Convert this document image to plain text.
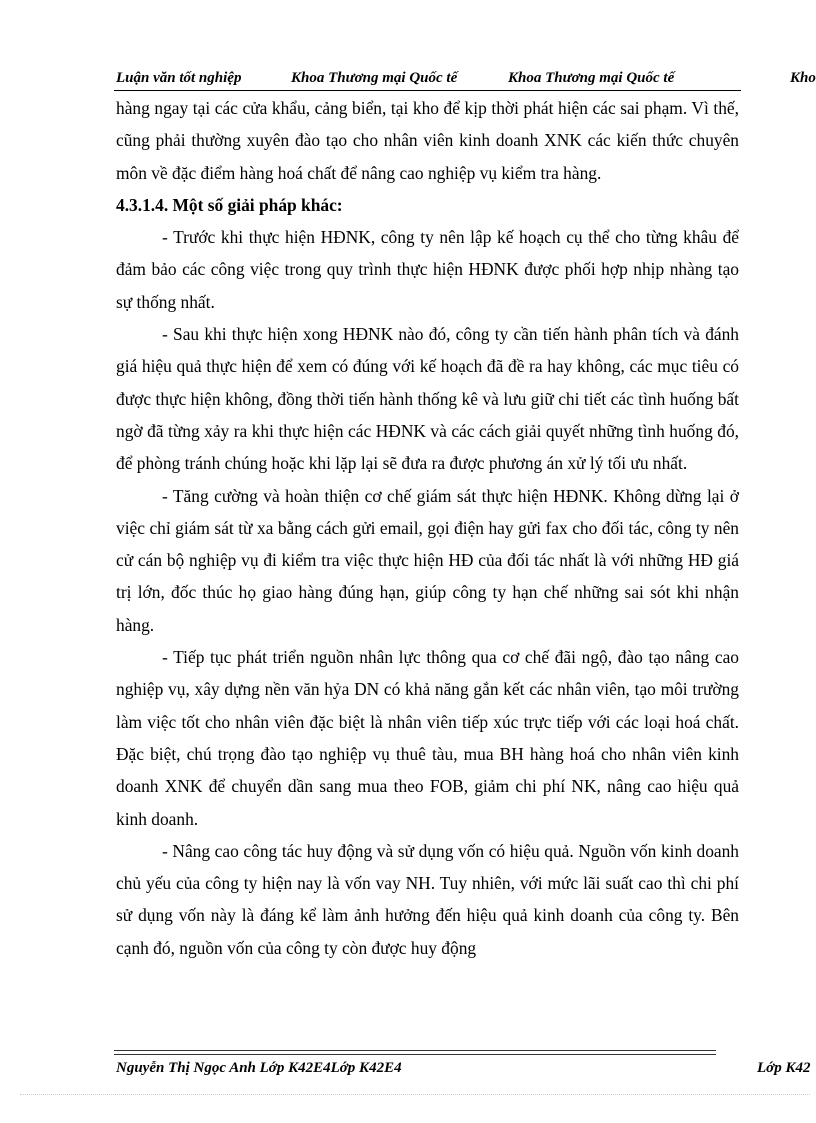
Luận văn tốt nghiệp	Khoa Thương mại Quốc tế	Khoa Thương mại Quốc tế	Kho

hàng ngay tại các cửa khẩu, cảng biển, tại kho để kịp thời phát hiện các sai phạm. Vì thế, cũng phải thường xuyên đào tạo cho nhân viên kinh doanh XNK các kiến thức chuyên môn về đặc điểm hàng hoá chất để nâng cao nghiệp vụ kiểm tra hàng.

4.3.1.4. Một số giải pháp khác:

- Trước khi thực hiện HĐNK, công ty nên lập kế hoạch cụ thể cho từng khâu để đảm bảo các công việc trong quy trình thực hiện HĐNK được phối hợp nhịp nhàng tạo sự thống nhất.

- Sau khi thực hiện xong HĐNK nào đó, công ty cần tiến hành phân tích và đánh giá hiệu quả thực hiện để xem có đúng với kế hoạch đã đề ra hay không, các mục tiêu có được thực hiện không, đồng thời tiến hành thống kê và lưu giữ chi tiết các tình huống bất ngờ đã từng xảy ra khi thực hiện các HĐNK và các cách giải quyết những tình huống đó, để phòng tránh chúng hoặc khi lặp lại sẽ đưa ra được phương án xử lý tối ưu nhất.

- Tăng cường và hoàn thiện cơ chế giám sát thực hiện HĐNK. Không dừng lại ở việc chỉ giám sát từ xa bằng cách gửi email, gọi điện hay gửi fax cho đối tác, công ty nên cử cán bộ nghiệp vụ đi kiểm tra việc thực hiện HĐ của đối tác nhất là với những HĐ giá trị lớn, đốc thúc họ giao hàng đúng hạn, giúp công ty hạn chế những sai sót khi nhận hàng.

- Tiếp tục phát triển nguồn nhân lực thông qua cơ chế đãi ngộ, đào tạo nâng cao nghiệp vụ, xây dựng nền văn hỷa DN có khả năng gắn kết các nhân viên, tạo môi trường làm việc tốt cho nhân viên đặc biệt là nhân viên tiếp xúc trực tiếp với các loại hoá chất. Đặc biệt, chú trọng đào tạo nghiệp vụ thuê tàu, mua BH hàng hoá cho nhân viên kinh doanh XNK để chuyển dần sang mua theo FOB, giảm chi phí NK, nâng cao hiệu quả kinh doanh.

- Nâng cao công tác huy động và sử dụng vốn có hiệu quả. Nguồn vốn kinh doanh chủ yếu của công ty hiện nay là vốn vay NH. Tuy nhiên, với mức lãi suất cao thì chi phí sử dụng vốn này là đáng kể làm ảnh hưởng đến hiệu quả kinh doanh của công ty. Bên cạnh đó, nguồn vốn của công ty còn được huy động

Nguyễn Thị Ngọc Anh Lớp K42E4Lớp K42E4	Lớp K42
